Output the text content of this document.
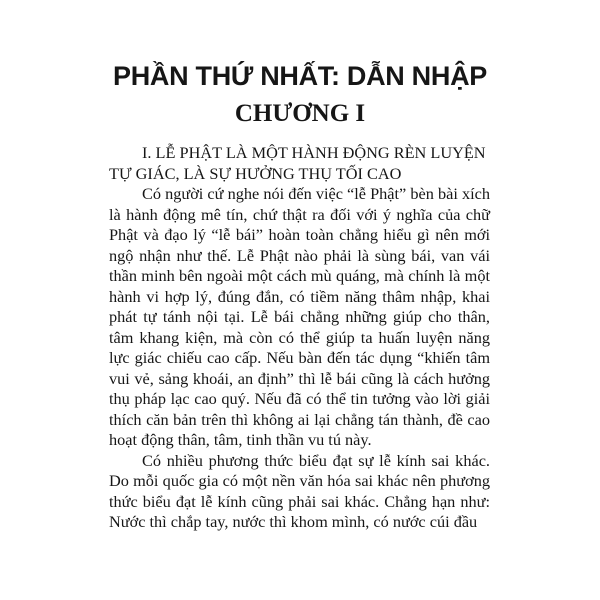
PHẦN THỨ NHẤT: DẪN NHẬP
CHƯƠNG I

I. LỄ PHẬT LÀ MỘT HÀNH ĐỘNG RÈN LUYỆN
TỰ GIÁC, LÀ SỰ HƯỞNG THỤ TỐI CAO

Có người cứ nghe nói đến việc “lễ Phật” bèn bài xích là hành động mê tín, chứ thật ra đối với ý nghĩa của chữ Phật và đạo lý “lễ bái” hoàn toàn chẳng hiểu gì nên mới ngộ nhận như thế. Lễ Phật nào phải là sùng bái, van vái thần minh bên ngoài một cách mù quáng, mà chính là một hành vi hợp lý, đúng đắn, có tiềm năng thâm nhập, khai phát tự tánh nội tại. Lễ bái chẳng những giúp cho thân, tâm khang kiện, mà còn có thể giúp ta huấn luyện năng lực giác chiếu cao cấp. Nếu bàn đến tác dụng “khiến tâm vui vẻ, sảng khoái, an định” thì lễ bái cũng là cách hưởng thụ pháp lạc cao quý. Nếu đã có thể tin tưởng vào lời giải thích căn bản trên thì không ai lại chẳng tán thành, đề cao hoạt động thân, tâm, tinh thần vu tú này.

Có nhiều phương thức biểu đạt sự lễ kính sai khác. Do mỗi quốc gia có một nền văn hóa sai khác nên phương thức biểu đạt lễ kính cũng phải sai khác. Chẳng hạn như: Nước thì chắp tay, nước thì khom mình, có nước cúi đầu
